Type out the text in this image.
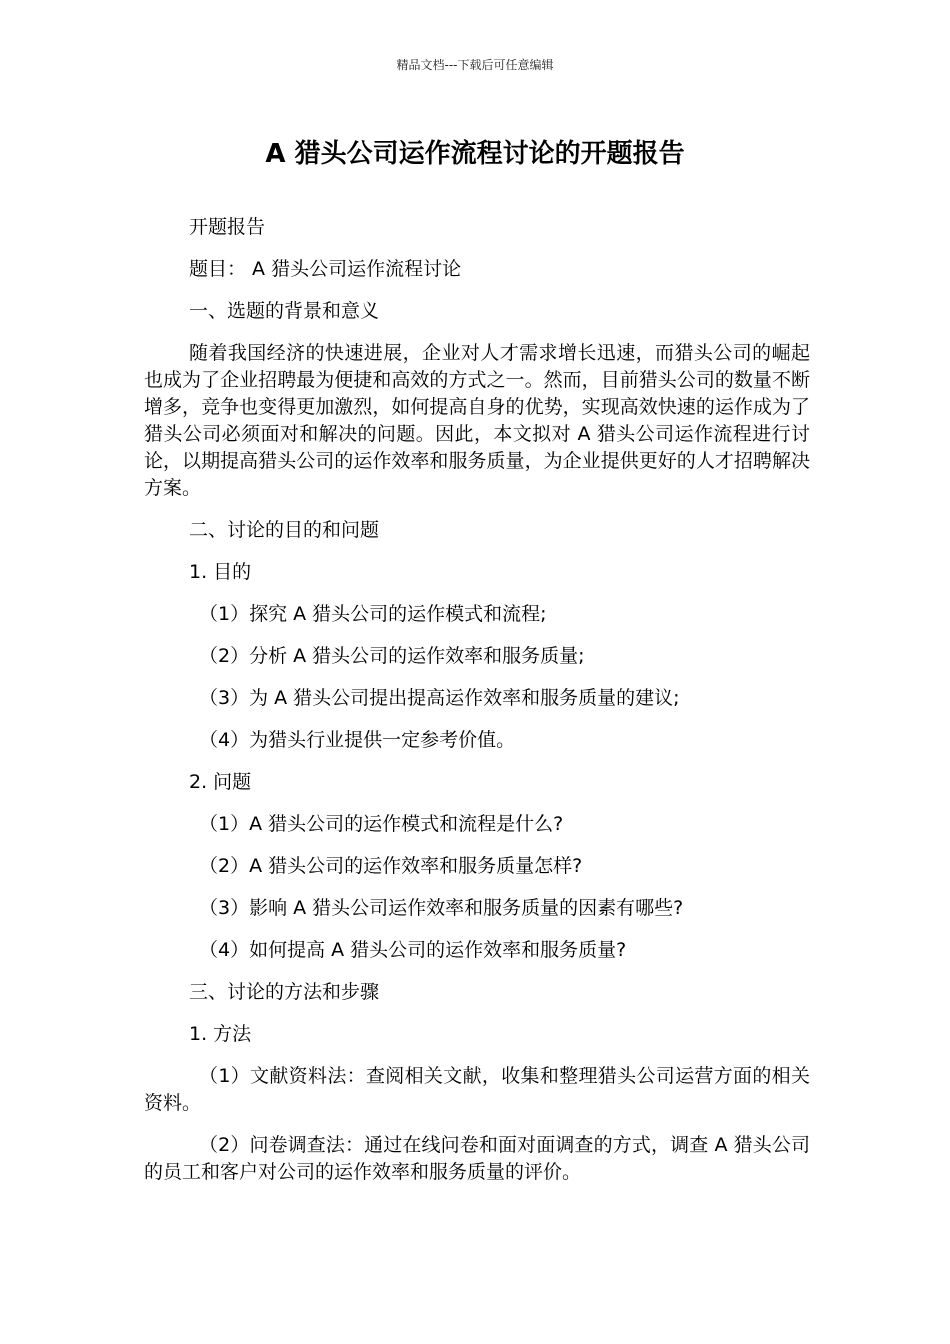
精品文档---下载后可任意编辑
A 猎头公司运作流程讨论的开题报告

开题报告

题目： A 猎头公司运作流程讨论

一、选题的背景和意义

随着我国经济的快速进展，企业对人才需求增长迅速，而猎头公司的崛起也成为了企业招聘最为便捷和高效的方式之一。然而，目前猎头公司的数量不断增多，竞争也变得更加激烈，如何提高自身的优势，实现高效快速的运作成为了猎头公司必须面对和解决的问题。因此，本文拟对 A 猎头公司运作流程进行讨论，以期提高猎头公司的运作效率和服务质量，为企业提供更好的人才招聘解决方案。

二、讨论的目的和问题

1. 目的

（1）探究 A 猎头公司的运作模式和流程;

（2）分析 A 猎头公司的运作效率和服务质量;

（3）为 A 猎头公司提出提高运作效率和服务质量的建议;

（4）为猎头行业提供一定参考价值。

2. 问题

（1）A 猎头公司的运作模式和流程是什么?

（2）A 猎头公司的运作效率和服务质量怎样?

（3）影响 A 猎头公司运作效率和服务质量的因素有哪些?

（4）如何提高 A 猎头公司的运作效率和服务质量?

三、讨论的方法和步骤

1. 方法

（1）文献资料法：查阅相关文献，收集和整理猎头公司运营方面的相关资料。

（2）问卷调查法：通过在线问卷和面对面调查的方式，调查 A 猎头公司的员工和客户对公司的运作效率和服务质量的评价。
